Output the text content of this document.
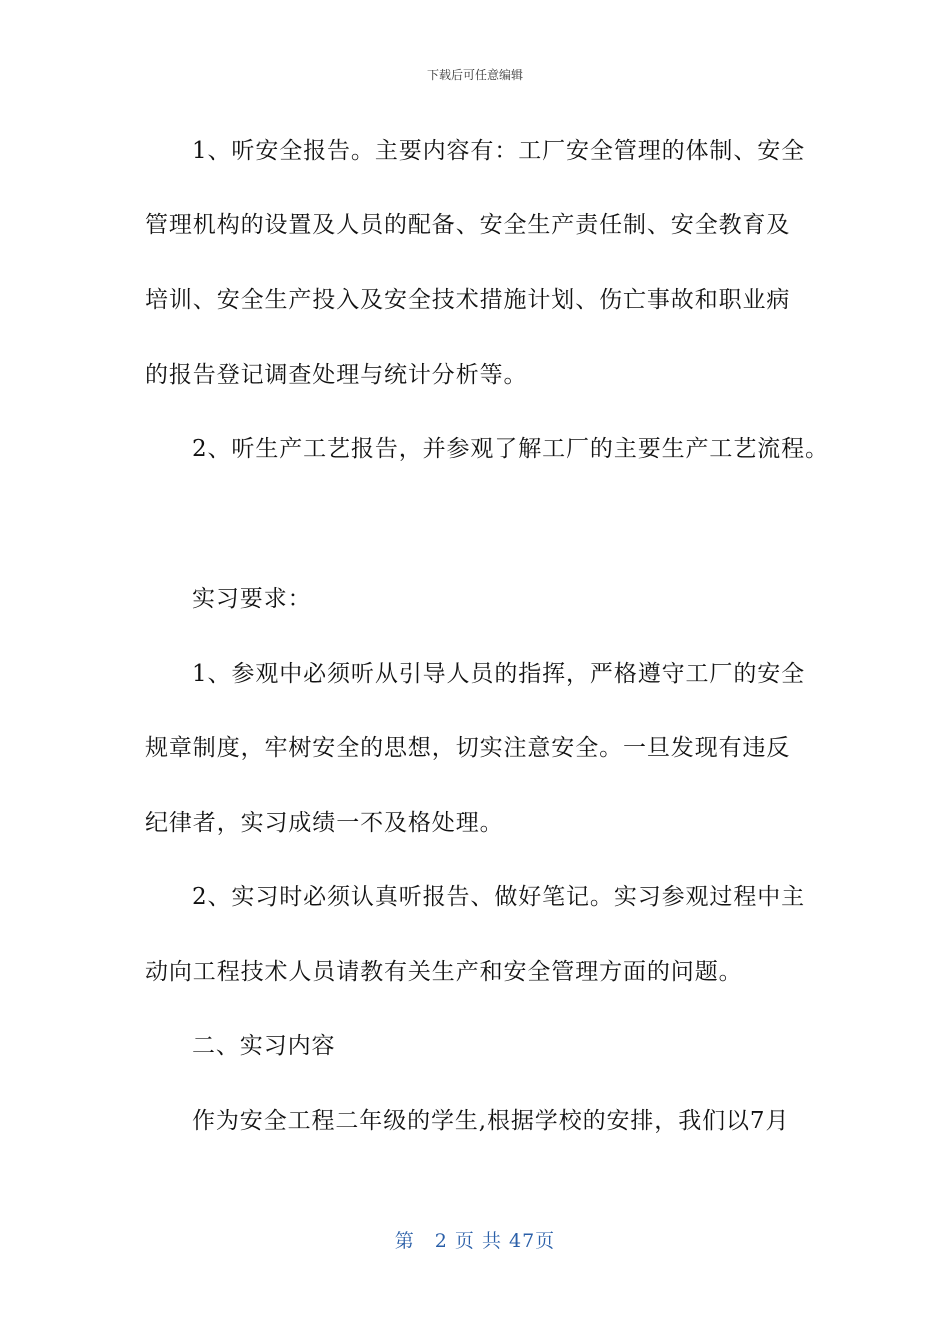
下载后可任意编辑
1、听安全报告。主要内容有：工厂安全管理的体制、安全
管理机构的设置及人员的配备、安全生产责任制、安全教育及
培训、安全生产投入及安全技术措施计划、伤亡事故和职业病
的报告登记调查处理与统计分析等。
2、听生产工艺报告，并参观了解工厂的主要生产工艺流程。
实习要求：
1、参观中必须听从引导人员的指挥，严格遵守工厂的安全
规章制度，牢树安全的思想，切实注意安全。一旦发现有违反
纪律者，实习成绩一不及格处理。
2、实习时必须认真听报告、做好笔记。实习参观过程中主
动向工程技术人员请教有关生产和安全管理方面的问题。
二、实习内容
作为安全工程二年级的学生,根据学校的安排，我们以7月
第　2 页 共 47页
